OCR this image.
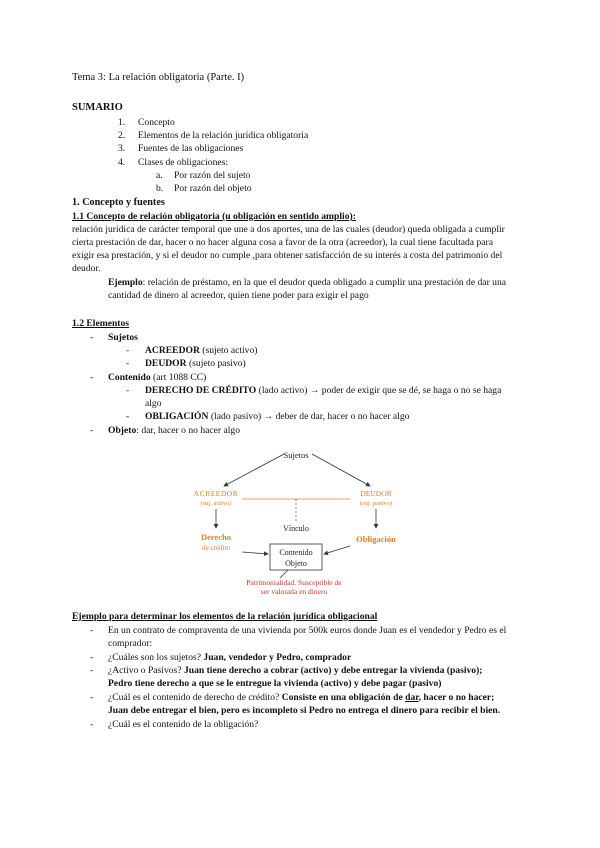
Tema 3: La relación obligatoria (Parte. I)
SUMARIO
1. Concepto
2. Elementos de la relación jurídica obligatoria
3. Fuentes de las obligaciones
4. Clases de obligaciones:
a. Por razón del sujeto
b. Por razón del objeto
1. Concepto y fuentes
1.1 Concepto de relación obligatoria (u obligación en sentido amplio):
relación jurídica de carácter temporal que une a dos aportes, una de las cuales (deudor) queda obligada a cumplir
cierta prestación de dar, hacer o no hacer alguna cosa a favor de la otra (acreedor), la cual tiene facultada para
exigir esa prestación, y si el deudor no cumple ,para obtener satisfacción de su interés a costa del patrimonio del
deudor.
Ejemplo: relación de préstamo, en la que el deudor queda obligado a cumplir una prestación de dar una
cantidad de dinero al acreedor, quien tiene poder para exigir el pago
1.2 Elementos
- Sujetos
- ACREEDOR (sujeto activo)
- DEUDOR (sujeto pasivo)
- Contenido (art 1088 CC)
- DERECHO DE CRÉDITO (lado activo) → poder de exigir que se dé, se haga o no se haga
algo
- OBLIGACIÓN (lado pasivo) → deber de dar, hacer o no hacer algo
- Objeto: dar, hacer o no hacer algo
Sujetos
ACREEDOR
(suj. activo)
DEUDOR
(suj. pasivo)
Vínculo
Derecho
de crédito
Obligación
Contenido
Objeto
Patrimonialidad. Susceptible de
ser valorada en dinero
Ejemplo para determinar los elementos de la relación jurídica obligacional
- En un contrato de compraventa de una vivienda por 500k euros donde Juan es el vendedor y Pedro es el
comprador:
- ¿Cuáles son los sujetos? Juan, vendedor y Pedro, comprador
- ¿Activo o Pasivos? Juan tiene derecho a cobrar (activo) y debe entregar la vivienda (pasivo);
Pedro tiene derecho a que se le entregue la vivienda (activo) y debe pagar (pasivo)
- ¿Cuál es el contenido de derecho de crédito? Consiste en una obligación de dar, hacer o no hacer;
Juan debe entregar el bien, pero es incompleto si Pedro no entrega el dinero para recibir el bien.
- ¿Cuál es el contenido de la obligación?
